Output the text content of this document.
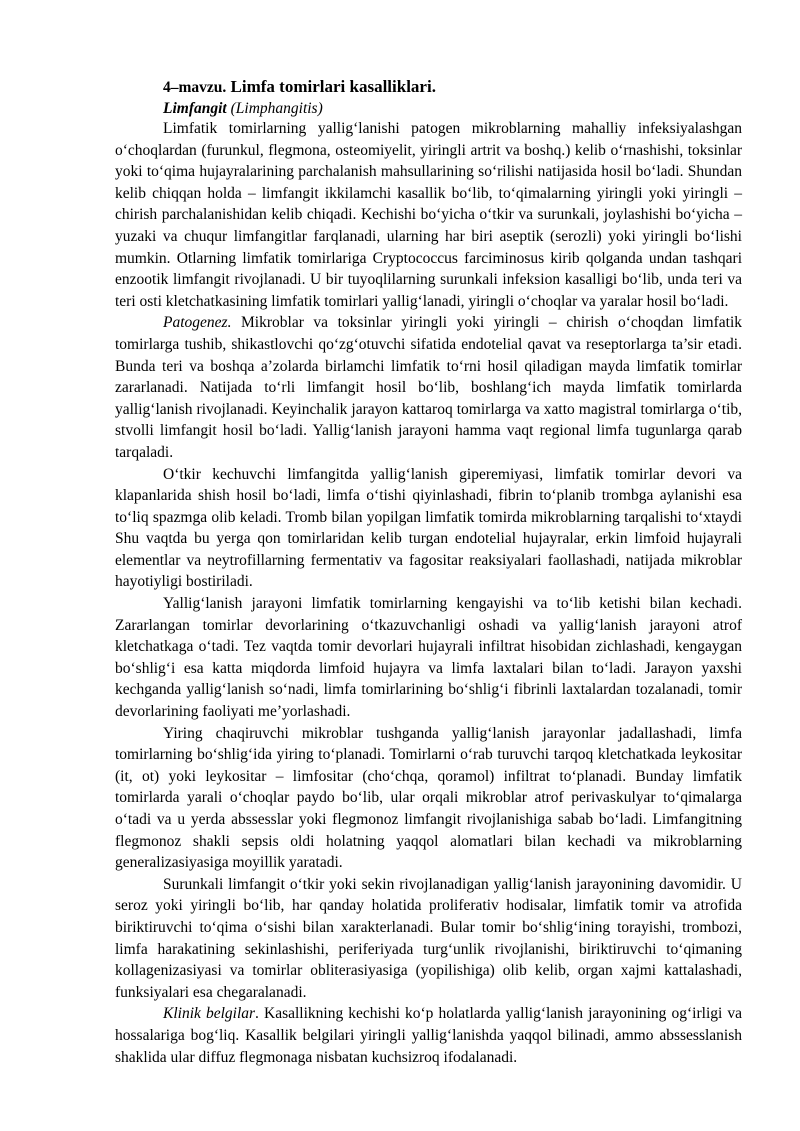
4–mavzu. Limfa tomirlari kasalliklari.

Limfangit (Limphangitis)

Limfatik tomirlarning yallig‘lanishi patogen mikroblarning mahalliy infeksiyalashgan o‘choqlardan (furunkul, flegmona, osteomiyelit, yiringli artrit va boshq.) kelib o‘rnashishi, toksinlar yoki to‘qima hujayralarining parchalanish mahsullarining so‘rilishi natijasida hosil bo‘ladi. Shundan kelib chiqqan holda – limfangit ikkilamchi kasallik bo‘lib, to‘qimalarning yiringli yoki yiringli – chirish parchalanishidan kelib chiqadi. Kechishi bo‘yicha o‘tkir va surunkali, joylashishi bo‘yicha – yuzaki va chuqur limfangitlar farqlanadi, ularning har biri aseptik (serozli) yoki yiringli bo‘lishi mumkin. Otlarning limfatik tomirlariga Cryptococcus farciminosus kirib qolganda undan tashqari enzootik limfangit rivojlanadi. U bir tuyoqlilarning surunkali infeksion kasalligi bo‘lib, unda teri va teri osti kletchatkasining limfatik tomirlari yallig‘lanadi, yiringli o‘choqlar va yaralar hosil bo‘ladi.

Patogenez. Mikroblar va toksinlar yiringli yoki yiringli – chirish o‘choqdan limfatik tomirlarga tushib, shikastlovchi qo‘zg‘otuvchi sifatida endotelial qavat va reseptorlarga ta’sir etadi. Bunda teri va boshqa a’zolarda birlamchi limfatik to‘rni hosil qiladigan mayda limfatik tomirlar zararlanadi. Natijada to‘rli limfangit hosil bo‘lib, boshlang‘ich mayda limfatik tomirlarda yallig‘lanish rivojlanadi. Keyinchalik jarayon kattaroq tomirlarga va xatto magistral tomirlarga o‘tib, stvolli limfangit hosil bo‘ladi. Yallig‘lanish jarayoni hamma vaqt regional limfa tugunlarga qarab tarqaladi.

O‘tkir kechuvchi limfangitda yallig‘lanish giperemiyasi, limfatik tomirlar devori va klapanlarida shish hosil bo‘ladi, limfa o‘tishi qiyinlashadi, fibrin to‘planib trombga aylanishi esa to‘liq spazmga olib keladi. Tromb bilan yopilgan limfatik tomirda mikroblarning tarqalishi to‘xtaydi Shu vaqtda bu yerga qon tomirlaridan kelib turgan endotelial hujayralar, erkin limfoid hujayrali elementlar va neytrofillarning fermentativ va fagositar reaksiyalari faollashadi, natijada mikroblar hayotiyligi bostiriladi.

Yallig‘lanish jarayoni limfatik tomirlarning kengayishi va to‘lib ketishi bilan kechadi. Zararlangan tomirlar devorlarining o‘tkazuvchanligi oshadi va yallig‘lanish jarayoni atrof kletchatkaga o‘tadi. Tez vaqtda tomir devorlari hujayrali infiltrat hisobidan zichlashadi, kengaygan bo‘shlig‘i esa katta miqdorda limfoid hujayra va limfa laxtalari bilan to‘ladi. Jarayon yaxshi kechganda yallig‘lanish so‘nadi, limfa tomirlarining bo‘shlig‘i fibrinli laxtalardan tozalanadi, tomir devorlarining faoliyati me’yorlashadi.

Yiring chaqiruvchi mikroblar tushganda yallig‘lanish jarayonlar jadallashadi, limfa tomirlarning bo‘shlig‘ida yiring to‘planadi. Tomirlarni o‘rab turuvchi tarqoq kletchatkada leykositar (it, ot) yoki leykositar – limfositar (cho‘chqa, qoramol) infiltrat to‘planadi. Bunday limfatik tomirlarda yarali o‘choqlar paydo bo‘lib, ular orqali mikroblar atrof perivaskulyar to‘qimalarga o‘tadi va u yerda abssesslar yoki flegmonoz limfangit rivojlanishiga sabab bo‘ladi. Limfangitning flegmonoz shakli sepsis oldi holatning yaqqol alomatlari bilan kechadi va mikroblarning generalizasiyasiga moyillik yaratadi.

Surunkali limfangit o‘tkir yoki sekin rivojlanadigan yallig‘lanish jarayonining davomidir. U seroz yoki yiringli bo‘lib, har qanday holatida proliferativ hodisalar, limfatik tomir va atrofida biriktiruvchi to‘qima o‘sishi bilan xarakterlanadi. Bular tomir bo‘shlig‘ining torayishi, trombozi, limfa harakatining sekinlashishi, periferiyada turg‘unlik rivojlanishi, biriktiruvchi to‘qimaning kollagenizasiyasi va tomirlar obliterasiyasiga (yopilishiga) olib kelib, organ xajmi kattalashadi, funksiyalari esa chegaralanadi.

Klinik belgilar. Kasallikning kechishi ko‘p holatlarda yallig‘lanish jarayonining og‘irligi va hossalariga bog‘liq. Kasallik belgilari yiringli yallig‘lanishda yaqqol bilinadi, ammo abssesslanish shaklida ular diffuz flegmonaga nisbatan kuchsizroq ifodalanadi.
